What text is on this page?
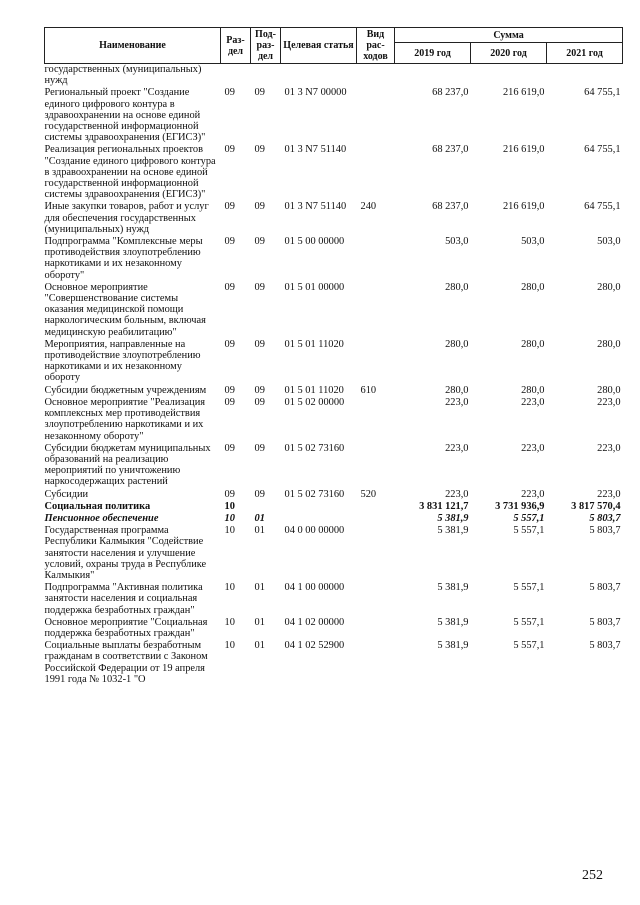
Наименование	Раз- дел	Под- раз- дел	Целевая статья	Вид рас- ходов	Сумма		
					2019 год	2020 год	2021 год
государственных (муниципальных) нужд							
Региональный проект "Создание единого цифрового контура в здравоохранении на основе единой государственной информационной системы здравоохранения (ЕГИСЗ)"	09	09	01 3 N7 00000		68 237,0	216 619,0	64 755,1
Реализация региональных проектов "Создание единого цифрового контура в здравоохранении на основе единой государственной информационной системы здравоохранения (ЕГИСЗ)"	09	09	01 3 N7 51140		68 237,0	216 619,0	64 755,1
Иные закупки товаров, работ и услуг для обеспечения государственных (муниципальных) нужд	09	09	01 3 N7 51140	240	68 237,0	216 619,0	64 755,1
Подпрограмма "Комплексные меры противодействия злоупотреблению наркотиками и их незаконному обороту"	09	09	01 5 00 00000		503,0	503,0	503,0
Основное мероприятие "Совершенствование системы оказания медицинской помощи наркологическим больным, включая медицинскую реабилитацию"	09	09	01 5 01 00000		280,0	280,0	280,0
Мероприятия, направленные на противодействие злоупотреблению наркотиками и их незаконному обороту	09	09	01 5 01 11020		280,0	280,0	280,0
Субсидии бюджетным учреждениям	09	09	01 5 01 11020	610	280,0	280,0	280,0
Основное мероприятие "Реализация комплексных мер противодействия злоупотреблению наркотиками и их незаконному обороту"	09	09	01 5 02 00000		223,0	223,0	223,0
Субсидии бюджетам муниципальных образований на реализацию мероприятий по уничтожению наркосодержащих растений	09	09	01 5 02 73160		223,0	223,0	223,0
Субсидии	09	09	01 5 02 73160	520	223,0	223,0	223,0
Социальная политика	10				3 831 121,7	3 731 936,9	3 817 570,4
Пенсионное обеспечение	10	01			5 381,9	5 557,1	5 803,7
Государственная программа Республики Калмыкия "Содействие занятости населения и улучшение условий, охраны труда в Республике Калмыкия"	10	01	04 0 00 00000		5 381,9	5 557,1	5 803,7
Подпрограмма "Активная политика занятости населения и социальная поддержка безработных граждан"	10	01	04 1 00 00000		5 381,9	5 557,1	5 803,7
Основное мероприятие "Социальная поддержка безработных граждан"	10	01	04 1 02 00000		5 381,9	5 557,1	5 803,7
Социальные выплаты безработным гражданам в соответствии с Законом Российской Федерации от 19 апреля 1991 года № 1032-1 "О	10	01	04 1 02 52900		5 381,9	5 557,1	5 803,7
252
